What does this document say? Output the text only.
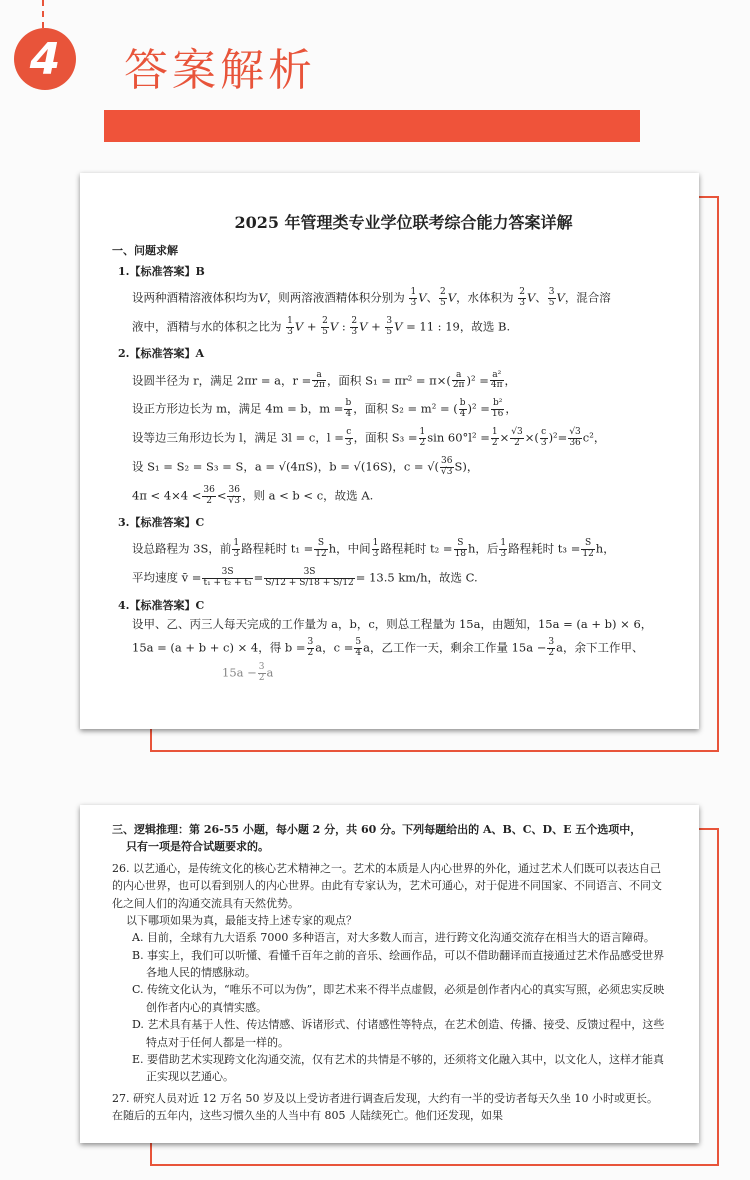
4 答案解析
2025 年管理类专业学位联考综合能力答案详解
一、问题求解
1.【标准答案】B
设两种酒精溶液体积均为V，则两溶液酒精体积分别为 $\frac{1}{3}$ V、 $\frac{2}{5}$ V，水体积为 $\frac{2}{3}$ V、 $\frac{3}{5}$ V，混合溶
液中，酒精与水的体积之比为 $\frac{1}{3}$ $V + \frac{2}{5}$ V : $\frac{2}{3}$ $V + \frac{3}{5}$ V = 11 : 19，故选 B.
2.【标准答案】A
设圆半径为 r，满足 2πr = a，$r = \frac{a}{2\pi}$ ，面积 $S_1 = \pi r^2 = \pi\times( \frac{a}{2\pi} )^2 = \frac{\text{a²}}{4\pi}$ ，
设正方形边长为 m，满足 4m = b，$m = \frac{b}{4}$ ，面积 S₂ = m² = ( $\frac{b}{4} )^2 = \frac{\text{b²}}{16}$ ，
设等边三角形边长为 l，满足 3l = c，$l = \frac{c}{3}$ ，面积 $S_3 = \frac{1}{2}$ $\sin 60^\circ l^2 = \frac{1}{2} \times \frac{√3}{2}$ ×( $\frac{c}{3} )^2= \frac{√3}{36} c^2$，
设 S₁ = S₂ = S₃ = S，a = √(4πS)，b = √(16S)，c = √( $\frac{36}{√3} S$)，
$4\pi < 4\times 4 < \frac{36}{2} < \frac{36}{√3}$ ，则 a < b < c，故选 A.
3.【标准答案】C
设总路程为 3S，前 $\frac{1}{3}$ 路程耗时 $t_1 = \frac{S}{12}$ h，中间 $\frac{1}{3}$ 路程耗时 $t_2 = \frac{S}{18}$ h，后 $\frac{1}{3}$ 路程耗时 $t_3 = \frac{S}{12}$ h，
平均速度 v̄ = $\frac{3S}{\text{t₁ + t₂ + t₃}} = \frac{3S}{S/12 + S/18 + S/12} = 13.5$ km/h，故选 C.
4.【标准答案】C
设甲、乙、丙三人每天完成的工作量为 a，b，c，则总工程量为 15a，由题知，15a = (a + b) × 6，
15a = (a + b + c) × 4，得 $b = \frac{3}{2}$ a，$c = \frac{5}{4}$ a，乙工作一天，剩余工作量 $15a - \frac{3}{2}$ a，余下工作甲、
$15a - \frac{3}{2}$ a
三、逻辑推理：第 26-55 小题，每小题 2 分，共 60 分。下列每题给出的 A、B、C、D、E 五个选项中，
只有一项是符合试题要求的。
26. 以艺通心，是传统文化的核心艺术精神之一。艺术的本质是人内心世界的外化，通过艺术人们既可以表达自己的内心世界，也可以看到别人的内心世界。由此有专家认为，艺术可通心，对于促进不同国家、不同语言、不同文化之间人们的沟通交流具有天然优势。
以下哪项如果为真，最能支持上述专家的观点？
A. 目前，全球有九大语系 7000 多种语言，对大多数人而言，进行跨文化沟通交流存在相当大的语言障碍。
B. 事实上，我们可以听懂、看懂千百年之前的音乐、绘画作品，可以不借助翻译而直接通过艺术作品感受世界各地人民的情感脉动。
C. 传统文化认为，“唯乐不可以为伪”，即艺术来不得半点虚假，必须是创作者内心的真实写照，必须忠实反映创作者内心的真情实感。
D. 艺术具有基于人性、传达情感、诉诸形式、付诸感性等特点，在艺术创造、传播、接受、反馈过程中，这些特点对于任何人都是一样的。
E. 要借助艺术实现跨文化沟通交流，仅有艺术的共情是不够的，还须将文化融入其中，以文化人，这样才能真正实现以艺通心。
27. 研究人员对近 12 万名 50 岁及以上受访者进行调查后发现，大约有一半的受访者每天久坐 10 小时或更长。在随后的五年内，这些习惯久坐的人当中有 805 人陆续死亡。他们还发现，如果
